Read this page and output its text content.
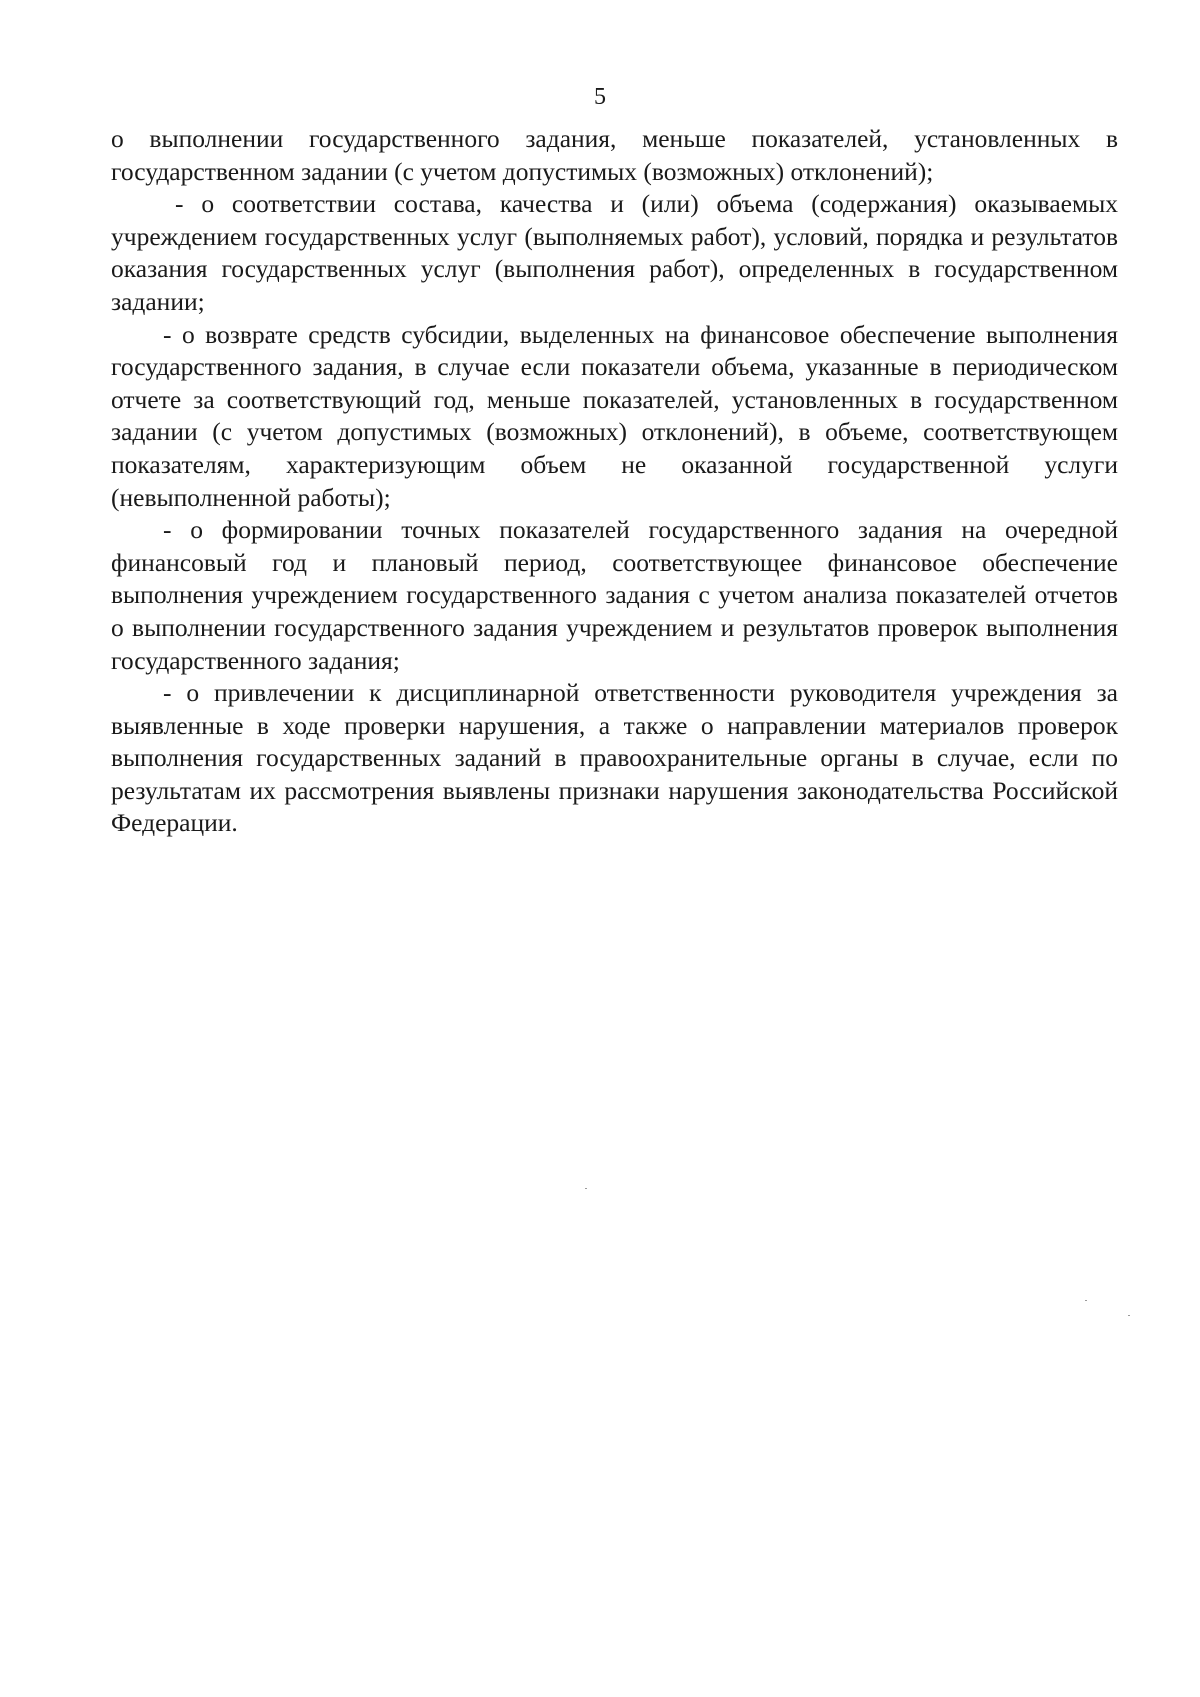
5

о выполнении государственного задания, меньше показателей, установленных в государственном задании (с учетом допустимых (возможных) отклонений);

- о соответствии состава, качества и (или) объема (содержания) оказываемых учреждением государственных услуг (выполняемых работ), условий, порядка и результатов оказания государственных услуг (выполнения работ), определенных в государственном задании;

- о возврате средств субсидии, выделенных на финансовое обеспечение выполнения государственного задания, в случае если показатели объема, указанные в периодическом отчете за соответствующий год, меньше показателей, установленных в государственном задании (с учетом допустимых (возможных) отклонений), в объеме, соответствующем показателям, характеризующим объем не оказанной государственной услуги (невыполненной работы);

- о формировании точных показателей государственного задания на очередной финансовый год и плановый период, соответствующее финансовое обеспечение выполнения учреждением государственного задания с учетом анализа показателей отчетов о выполнении государственного задания учреждением и результатов проверок выполнения государственного задания;

- о привлечении к дисциплинарной ответственности руководителя учреждения за выявленные в ходе проверки нарушения, а также о направлении материалов проверок выполнения государственных заданий в правоохранительные органы в случае, если по результатам их рассмотрения выявлены признаки нарушения законодательства Российской Федерации.
